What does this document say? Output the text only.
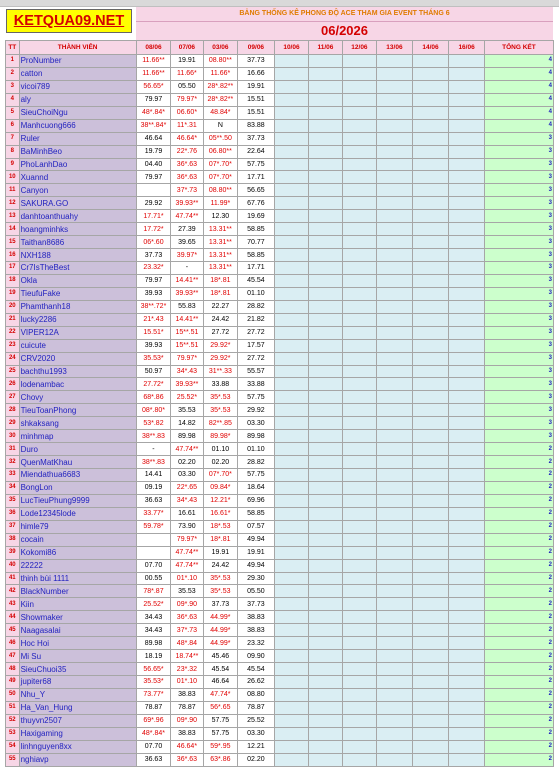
KETQUA09.NET	BẢNG THỐNG KÊ PHONG ĐỘ ACE THAM GIA EVENT THÁNG 6
06/2026
TT	THÀNH VIÊN	08/06	07/06	03/06	09/06	10/06	11/06	12/06	13/06	14/06	16/06	TỔNG KẾT
1	ProNumber	11.66**	19.91	08.80**	37.73							4
2	catton	11.66**	11.66*	11.66*	16.66							4
3	vicoi789	56.65*	05.50	28*.82**	19.91							4
4	aly	79.97	79.97*	28*.82**	15.51							4
5	SieuChoiNgu	48*.84*	06.60*	48.84*	15.51							4
6	Manhcuong666	38**.84*	11*.31	N	83.88							4
7	Ruler	46.64	46.64*	05**.50	37.73							3
8	BaMinhBeo	19.79	22*.76	06.80**	22.64							3
9	PhoLanhDao	04.40	36*.63	07*.70*	57.75							3
10	Xuannd	79.97	36*.63	07*.70*	17.71							3
11	Canyon		37*.73	08.80**	56.65							3
12	SAKURA.GO	29.92	39.93**	11.99*	67.76							3
13	danhtoanthuahy	17.71*	47.74**	12.30	19.69							3
14	hoangminhks	17.72*	27.39	13.31**	58.85							3
15	Taithan8686	06*.60	39.65	13.31**	70.77							3
16	NXH188	37.73	39.97*	13.31**	58.85							3
17	Cr7IsTheBest	23.32*	-	13.31**	17.71							3
18	Okla	79.97	14.41**	18*.81	45.54							3
19	TieufuFake	39.93	39.93**	18*.81	01.10							3
20	Phamthanh18	38**.72*	55.83	22.27	28.82							3
21	lucky2286	21*.43	14.41**	24.42	21.82							3
22	VIPER12A	15.51*	15**.51	27.72	27.72							3
23	cuicute	39.93	15**.51	29.92*	17.57							3
24	CRV2020	35.53*	79.97*	29.92*	27.72							3
25	bachthu1993	50.97	34*.43	31**.33	55.57							3
26	lodenambac	27.72*	39.93**	33.88	33.88							3
27	Chovy	68*.86	25.52*	35*.53	57.75							3
28	TieuToanPhong	08*.80*	35.53	35*.53	29.92							3
29	shkaksang	53*.82	14.82	82**.85	03.30							3
30	minhmap	38**.83	89.98	89.98*	89.98							3
31	Duro	-	47.74**	01.10	01.10							2
32	QuenMatKhau	38**.83	02.20	02.20	28.82							2
33	Miendathua6683	14.41	03.30	07*.70*	57.75							2
34	BongLon	09.19	22*.65	09.84*	18.64							2
35	LucTieuPhung9999	36.63	34*.43	12.21*	69.96							2
36	Lode12345lode	33.77*	16.61	16.61*	58.85							2
37	himle79	59.78*	73.90	18*.53	07.57							2
38	cocain		79.97*	18*.81	49.94							2
39	Kokomi86		47.74**	19.91	19.91							2
40	22222	07.70	47.74**	24.42	49.94							2
41	thinh bùi 1111	00.55	01*.10	35*.53	29.30							2
42	BlackNumber	78*.87	35.53	35*.53	05.50							2
43	Kiin	25.52*	09*.90	37.73	37.73							2
44	Showmaker	34.43	36*.63	44.99*	38.83							2
45	Naagasalai	34.43	37*.73	44.99*	38.83							2
46	Hoc Hoi	89.98	48*.84	44.99*	23.32							2
47	Mi Su	18.19	18.74**	45.46	09.90							2
48	SieuChuoi35	56.65*	23*.32	45.54	45.54							2
49	jupiter68	35.53*	01*.10	46.64	26.62							2
50	Nhu_Y	73.77*	38.83	47.74*	08.80							2
51	Ha_Van_Hung	78.87	78.87	56*.65	78.87							2
52	thuyvn2507	69*.96	09*.90	57.75	25.52							2
53	Haxigaming	48*.84*	38.83	57.75	03.30							2
54	linhnguyen8xx	07.70	46.64*	59*.95	12.21							2
55	nghiavp	36.63	36*.63	63*.86	02.20							2
